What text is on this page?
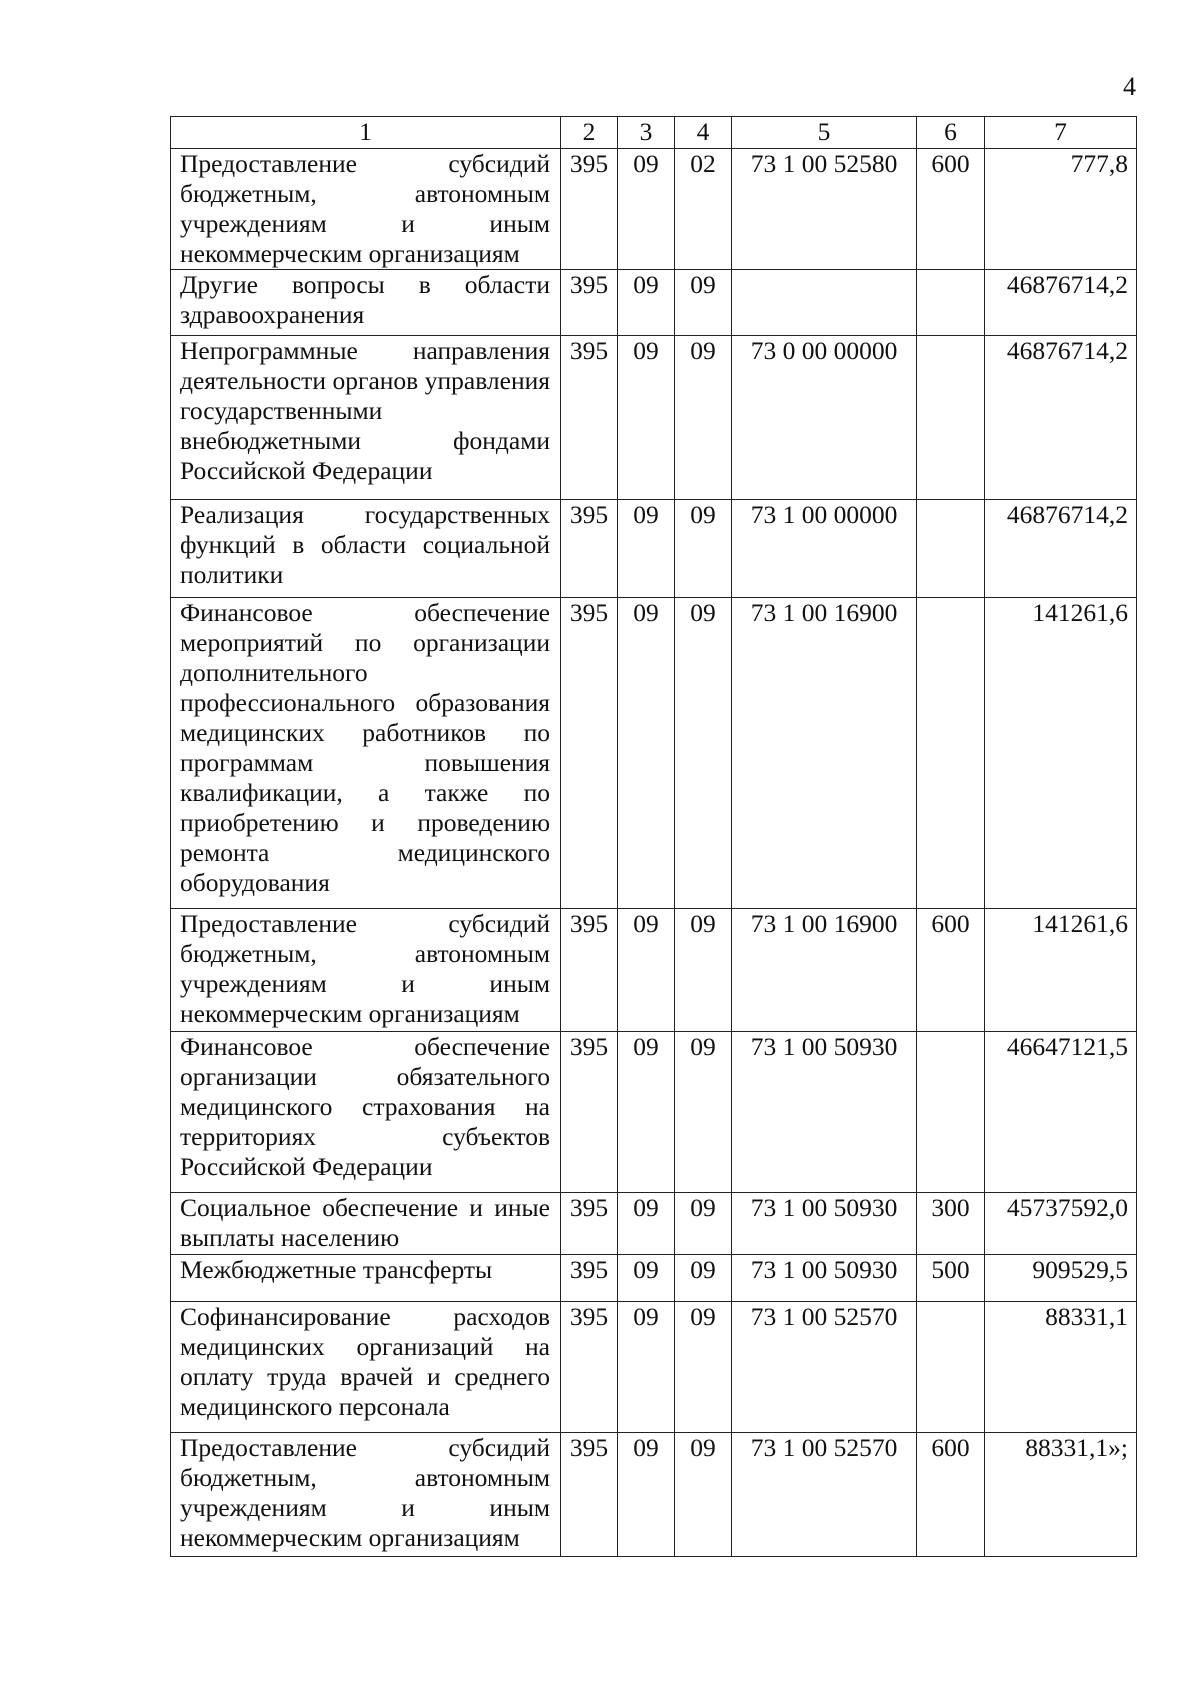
4
1	2	3	4	5	6	7
Предоставление субсидий бюджетным, автономным учреждениям и иным некоммерческим организациям	395	09	02	73 1 00 52580	600	777,8
Другие вопросы в области здравоохранения	395	09	09			46876714,2
Непрограммные направления деятельности органов управления государственными внебюджетными фондами Российской Федерации	395	09	09	73 0 00 00000		46876714,2
Реализация государственных функций в области социальной политики	395	09	09	73 1 00 00000		46876714,2
Финансовое обеспечение мероприятий по организации дополнительного профессионального образования медицинских работников по программам повышения квалификации, а также по приобретению и проведению ремонта медицинского оборудования	395	09	09	73 1 00 16900		141261,6
Предоставление субсидий бюджетным, автономным учреждениям и иным некоммерческим организациям	395	09	09	73 1 00 16900	600	141261,6
Финансовое обеспечение организации обязательного медицинского страхования на территориях субъектов Российской Федерации	395	09	09	73 1 00 50930		46647121,5
Социальное обеспечение и иные выплаты населению	395	09	09	73 1 00 50930	300	45737592,0
Межбюджетные трансферты	395	09	09	73 1 00 50930	500	909529,5
Софинансирование расходов медицинских организаций на оплату труда врачей и среднего медицинского персонала	395	09	09	73 1 00 52570		88331,1
Предоставление субсидий бюджетным, автономным учреждениям и иным некоммерческим организациям	395	09	09	73 1 00 52570	600	88331,1»;
